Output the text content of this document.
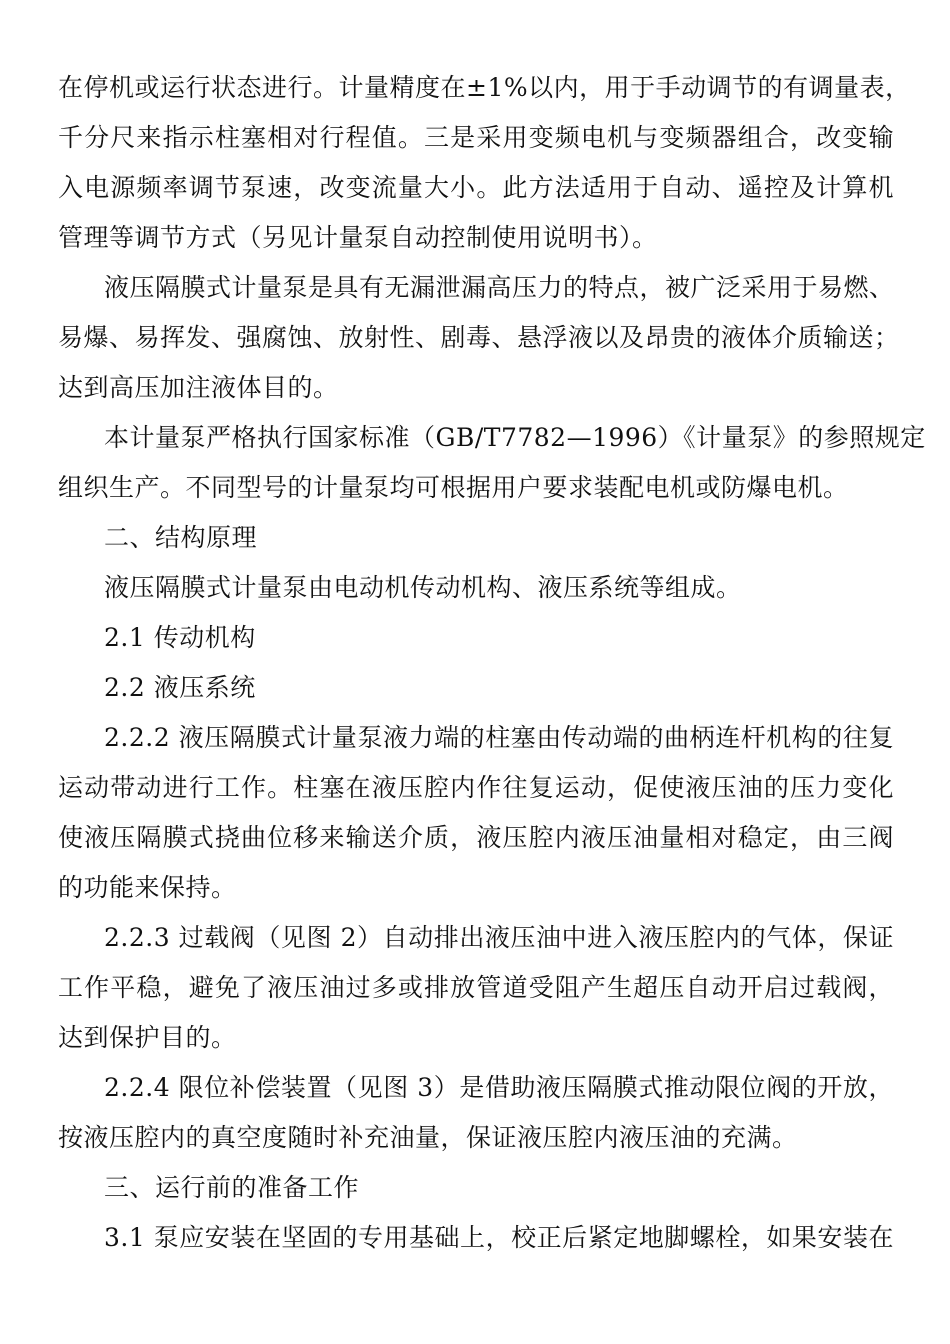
在停机或运行状态进行。计量精度在±1%以内，用于手动调节的有调量表，
千分尺来指示柱塞相对行程值。三是采用变频电机与变频器组合，改变输
入电源频率调节泵速，改变流量大小。此方法适用于自动、遥控及计算机
管理等调节方式（另见计量泵自动控制使用说明书）。
液压隔膜式计量泵是具有无漏泄漏高压力的特点，被广泛采用于易燃、
易爆、易挥发、强腐蚀、放射性、剧毒、悬浮液以及昂贵的液体介质输送；
达到高压加注液体目的。
本计量泵严格执行国家标准（GB/T7782—1996）《计量泵》的参照规定
组织生产。不同型号的计量泵均可根据用户要求装配电机或防爆电机。
二、结构原理
液压隔膜式计量泵由电动机传动机构、液压系统等组成。
2.1 传动机构
2.2 液压系统
2.2.2 液压隔膜式计量泵液力端的柱塞由传动端的曲柄连杆机构的往复
运动带动进行工作。柱塞在液压腔内作往复运动，促使液压油的压力变化
使液压隔膜式挠曲位移来输送介质，液压腔内液压油量相对稳定，由三阀
的功能来保持。
2.2.3 过载阀（见图 2）自动排出液压油中进入液压腔内的气体，保证
工作平稳，避免了液压油过多或排放管道受阻产生超压自动开启过载阀，
达到保护目的。
2.2.4 限位补偿装置（见图 3）是借助液压隔膜式推动限位阀的开放，
按液压腔内的真空度随时补充油量，保证液压腔内液压油的充满。
三、运行前的准备工作
3.1 泵应安装在坚固的专用基础上，校正后紧定地脚螺栓，如果安装在
